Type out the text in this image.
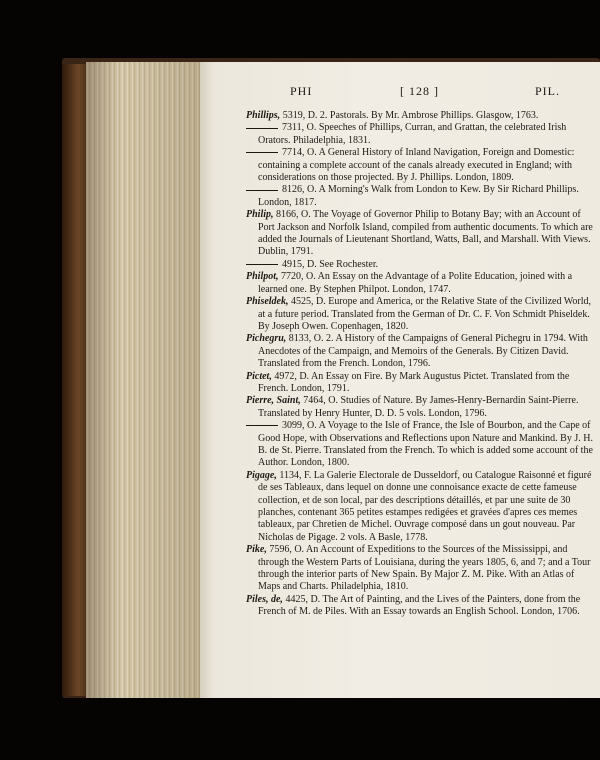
PHI	[ 128 ]	PIL.

Phillips, 5319, D. 2. Pastorals. By Mr. Ambrose Phillips. Glasgow, 1763.

7311, O. Speeches of Phillips, Curran, and Grattan, the celebrated Irish Orators. Philadelphia, 1831.

7714, O. A General History of Inland Navigation, Foreign and Domestic: containing a complete account of the canals already executed in England; with considerations on those projected. By J. Phillips. London, 1809.

8126, O. A Morning's Walk from London to Kew. By Sir Richard Phillips. London, 1817.

Philip, 8166, O. The Voyage of Governor Philip to Botany Bay; with an Account of Port Jackson and Norfolk Island, compiled from authentic documents. To which are added the Journals of Lieutenant Shortland, Watts, Ball, and Marshall. With Views. Dublin, 1791.

4915, D. See Rochester.

Philpot, 7720, O. An Essay on the Advantage of a Polite Education, joined with a learned one. By Stephen Philpot. London, 1747.

Phiseldek, 4525, D. Europe and America, or the Relative State of the Civilized World, at a future period. Translated from the German of Dr. C. F. Von Schmidt Phiseldek. By Joseph Owen. Copenhagen, 1820.

Pichegru, 8133, O. 2. A History of the Campaigns of General Pichegru in 1794. With Anecdotes of the Campaign, and Memoirs of the Generals. By Citizen David. Translated from the French. London, 1796.

Pictet, 4972, D. An Essay on Fire. By Mark Augustus Pictet. Translated from the French. London, 1791.

Pierre, Saint, 7464, O. Studies of Nature. By James-Henry-Bernardin Saint-Pierre. Translated by Henry Hunter, D. D. 5 vols. London, 1796.

3099, O. A Voyage to the Isle of France, the Isle of Bourbon, and the Cape of Good Hope, with Observations and Reflections upon Nature and Mankind. By J. H. B. de St. Pierre. Translated from the French. To which is added some account of the Author. London, 1800.

Pigage, 1134, F. La Galerie Electorale de Dusseldorf, ou Catalogue Raisonné et figuré de ses Tableaux, dans lequel on donne une connoisance exacte de cette fameuse collection, et de son local, par des descriptions détaillés, et par une suite de 30 planches, contenant 365 petites estampes redigées et gravées d'apres ces memes tableaux, par Chretien de Michel. Ouvrage composé dans un gout nouveau. Par Nicholas de Pigage. 2 vols. A Basle, 1778.

Pike, 7596, O. An Account of Expeditions to the Sources of the Mississippi, and through the Western Parts of Louisiana, during the years 1805, 6, and 7; and a Tour through the interior parts of New Spain. By Major Z. M. Pike. With an Atlas of Maps and Charts. Philadelphia, 1810.

Piles, de, 4425, D. The Art of Painting, and the Lives of the Painters, done from the French of M. de Piles. With an Essay towards an English School. London, 1706.
